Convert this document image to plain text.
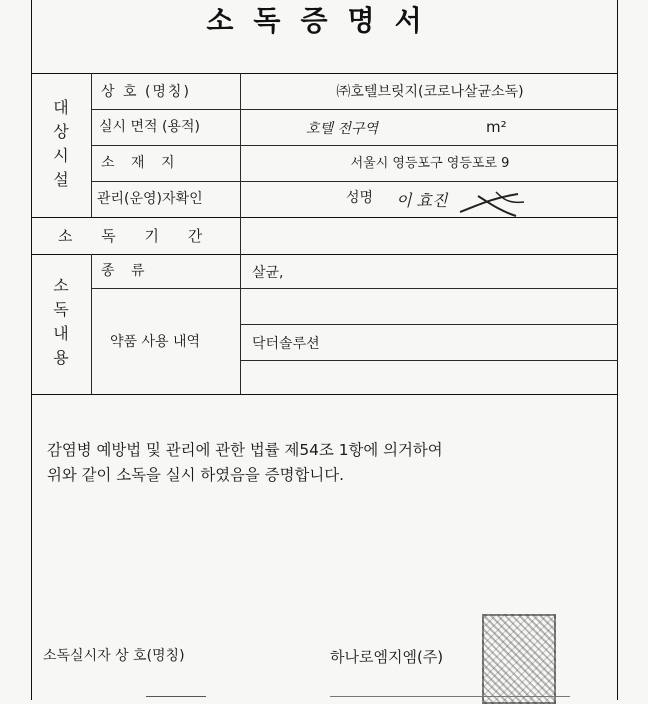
소독증명서
대상시설
상 호 (명칭)	㈜호텔브릿지(코로나살균소독)
실시 면적 (용적)	호텔 전구역	m²
소 재 지	서울시 영등포구 영등포로 9
관리(운영)자확인	성명 이 효진
소 독 기 간
소독내용
종 류	살균,
약품 사용 내역	닥터솔루션
감염병 예방법 및 관리에 관한 법률 제54조 1항에 의거하여
위와 같이 소독을 실시 하였음을 증명합니다.
소독실시자 상 호(명칭)	하나로엠지엠(주)
